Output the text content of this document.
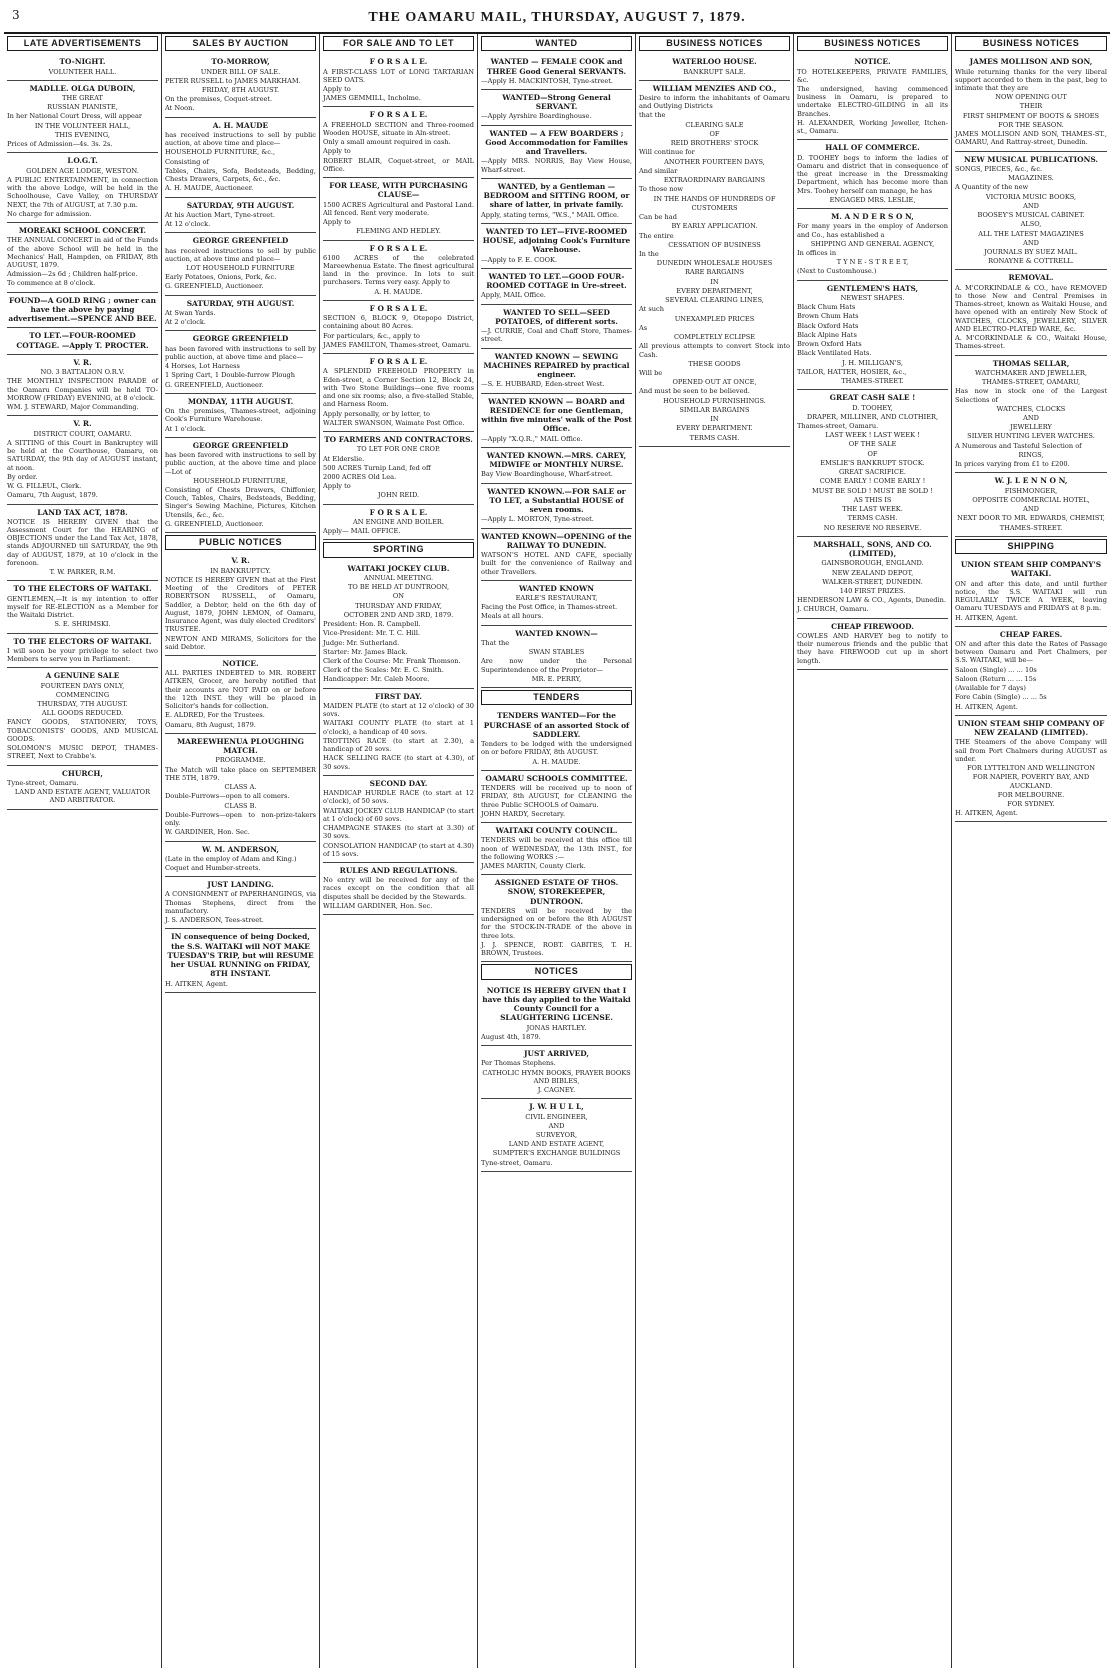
3	THE OAMARU MAIL, THURSDAY, AUGUST 7, 1879.
LATE ADVERTISEMENTS
TO-NIGHT.

VOLUNTEER HALL.

MADLLE. OLGA DUBOIN,

THE GREAT

RUSSIAN PIANISTE,

In her National Court Dress, will appear

IN THE VOLUNTEER HALL,

THIS EVENING,

Prices of Admission—4s. 3s. 2s.

I.O.G.T.

GOLDEN AGE LODGE, WESTON.

A PUBLIC ENTERTAINMENT, in connection with the above Lodge, will be held in the Schoolhouse, Cave Valley, on THURSDAY NEXT, the 7th of AUGUST, at 7.30 p.m.

No charge for admission.

MOREAKI SCHOOL CONCERT.

THE ANNUAL CONCERT in aid of the Funds of the above School will be held in the Mechanics' Hall, Hampden, on FRIDAY, 8th AUGUST, 1879.

Admission—2s 6d ; Children half-price.

To commence at 8 o'clock.

FOUND—A GOLD RING ; owner can have the above by paying advertisement.—SPENCE AND BEE.
TO LET.—FOUR-ROOMED COTTAGE. —Apply T. PROCTER.
V. R.

NO. 3 BATTALION O.R.V.

THE MONTHLY INSPECTION PARADE of the Oamaru Companies will be held TO-MORROW (FRIDAY) EVENING, at 8 o'clock.

WM. J. STEWARD, Major Commanding.

V. R.

DISTRICT COURT, OAMARU.

A SITTING of this Court in Bankruptcy will be held at the Courthouse, Oamaru, on SATURDAY, the 9th day of AUGUST instant, at noon.

By order.

W. G. FILLEUL, Clerk.

Oamaru, 7th August, 1879.

LAND TAX ACT, 1878.

NOTICE IS HEREBY GIVEN that the Assessment Court for the HEARING of OBJECTIONS under the Land Tax Act, 1878, stands ADJOURNED till SATURDAY, the 9th day of AUGUST, 1879, at 10 o'clock in the forenoon.

T. W. PARKER, R.M.

TO THE ELECTORS OF WAITAKI.

GENTLEMEN,—It is my intention to offer myself for RE-ELECTION as a Member for the Waitaki District.

S. E. SHRIMSKI.

TO THE ELECTORS OF WAITAKI.

I will soon be your privilege to select two Members to serve you in Parliament.

A GENUINE SALE

FOURTEEN DAYS ONLY,

COMMENCING

THURSDAY, 7TH AUGUST.

ALL GOODS REDUCED.

FANCY GOODS, STATIONERY, TOYS, TOBACCONISTS' GOODS, AND MUSICAL GOODS.

SOLOMON'S MUSIC DEPOT, THAMES-STREET, Next to Crabbe's.

CHURCH,

Tyne-street, Oamaru.

LAND AND ESTATE AGENT, VALUATOR AND ARBITRATOR.

SALES BY AUCTION
TO-MORROW,

UNDER BILL OF SALE.

PETER RUSSELL to JAMES MARKHAM.

FRIDAY, 8TH AUGUST.

On the premises, Coquet-street.

At Noon.

A. H. MAUDE

has received instructions to sell by public auction, at above time and place—

HOUSEHOLD FURNITURE, &c.,

Consisting of

Tables, Chairs, Sofa, Bedsteads, Bedding, Chests Drawers, Carpets, &c., &c.

A. H. MAUDE, Auctioneer.

SATURDAY, 9TH AUGUST.

At his Auction Mart, Tyne-street.

At 12 o'clock.

GEORGE GREENFIELD

has received instructions to sell by public auction, at above time and place—

LOT HOUSEHOLD FURNITURE

Early Potatoes, Onions, Pork, &c.

G. GREENFIELD, Auctioneer.

SATURDAY, 9TH AUGUST.

At Swan Yards.

At 2 o'clock.

GEORGE GREENFIELD

has been favored with instructions to sell by public auction, at above time and place—

4 Horses, Lot Harness

1 Spring Cart, 1 Double-furrow Plough

G. GREENFIELD, Auctioneer.

MONDAY, 11TH AUGUST.

On the premises, Thames-street, adjoining Cook's Furniture Warehouse.

At 1 o'clock.

GEORGE GREENFIELD

has been favored with instructions to sell by public auction, at the above time and place—Lot of

HOUSEHOLD FURNITURE,

Consisting of Chests Drawers, Chiffonier, Couch, Tables, Chairs, Bedsteads, Bedding, Singer's Sewing Machine, Pictures, Kitchen Utensils, &c., &c.

G. GREENFIELD, Auctioneer.

PUBLIC NOTICES
V. R.

IN BANKRUPTCY.

NOTICE IS HEREBY GIVEN that at the First Meeting of the Creditors of PETER ROBERTSON RUSSELL, of Oamaru, Saddler, a Debtor, held on the 6th day of August, 1879, JOHN LEMON, of Oamaru, Insurance Agent, was duly elected Creditors' TRUSTEE.

NEWTON AND MIRAMS, Solicitors for the said Debtor.

NOTICE.

ALL PARTIES INDEBTED to MR. ROBERT AITKEN, Grocer, are hereby notified that their accounts are NOT PAID on or before the 12th INST. they will be placed in Solicitor's hands for collection.

E. ALDRED, For the Trustees.

Oamaru, 8th August, 1879.

MAREEWHENUA PLOUGHING MATCH.

PROGRAMME.

The Match will take place on SEPTEMBER THE 5TH, 1879.

CLASS A.

Double-Furrows—open to all comers.

CLASS B.

Double-Furrows—open to non-prize-takers only.

W. GARDINER, Hon. Sec.

W. M. ANDERSON,

(Late in the employ of Adam and King.)

Coquet and Humber-streets.

JUST LANDING.

A CONSIGNMENT of PAPERHANGINGS, via Thomas Stephens, direct from the manufactory.

J. S. ANDERSON, Tees-street.

IN consequence of being Docked, the S.S. WAITAKI will NOT MAKE TUESDAY'S TRIP, but will RESUME her USUAL RUNNING on FRIDAY, 8TH INSTANT.

H. AITKEN, Agent.

FOR SALE AND TO LET
F O R S A L E.

A FIRST-CLASS LOT of LONG TARTARIAN SEED OATS.

Apply to

JAMES GEMMILL, Incholme.

F O R S A L E.

A FREEHOLD SECTION and Three-roomed Wooden HOUSE, situate in Aln-street.

Only a small amount required in cash.

Apply to

ROBERT BLAIR, Coquet-street, or MAIL Office.

FOR LEASE, WITH PURCHASING CLAUSE—

1500 ACRES Agricultural and Pastoral Land. All fenced. Rent very moderate.

Apply to

FLEMING AND HEDLEY.

F O R S A L E.

6100 ACRES of the celebrated Mareewhenua Estate. The finest agricultural land in the province. In lots to suit purchasers. Terms very easy. Apply to

A. H. MAUDE.

F O R S A L E.

SECTION 6, BLOCK 9, Otepopo District, containing about 80 Acres.

For particulars, &c., apply to

JAMES FAMILTON, Thames-street, Oamaru.

F O R S A L E.

A SPLENDID FREEHOLD PROPERTY in Eden-street, a Corner Section 12, Block 24, with Two Stone Buildings—one five rooms and one six rooms; also, a five-stalled Stable, and Harness Room.

Apply personally, or by letter, to

WALTER SWANSON, Waimate Post Office.

TO FARMERS AND CONTRACTORS.

TO LET FOR ONE CROP.

At Elderslie.

500 ACRES Turnip Land, fed off

2000 ACRES Old Lea.

Apply to

JOHN REID.

F O R S A L E.

AN ENGINE AND BOILER.

Apply— MAIL OFFICE.

SPORTING
WAITAKI JOCKEY CLUB.

ANNUAL MEETING.

TO BE HELD AT DUNTROON,

ON

THURSDAY AND FRIDAY,

OCTOBER 2ND AND 3RD, 1879.

President: Hon. R. Campbell.

Vice-President: Mr. T. C. Hill.

Judge: Mr. Sutherland.

Starter: Mr. James Black.

Clerk of the Course: Mr. Frank Thomson.

Clerk of the Scales: Mr. E. C. Smith.

Handicapper: Mr. Caleb Moore.

FIRST DAY.

MAIDEN PLATE (to start at 12 o'clock) of 30 sovs.

WAITAKI COUNTY PLATE (to start at 1 o'clock), a handicap of 40 sovs.

TROTTING RACE (to start at 2.30), a handicap of 20 sovs.

HACK SELLING RACE (to start at 4.30), of 30 sovs.

SECOND DAY.

HANDICAP HURDLE RACE (to start at 12 o'clock), of 50 sovs.

WAITAKI JOCKEY CLUB HANDICAP (to start at 1 o'clock) of 60 sovs.

CHAMPAGNE STAKES (to start at 3.30) of 30 sovs.

CONSOLATION HANDICAP (to start at 4.30) of 15 sovs.

RULES AND REGULATIONS.

No entry will be received for any of the races except on the condition that all disputes shall be decided by the Stewards.

WILLIAM GARDINER, Hon. Sec.

WANTED
WANTED — FEMALE COOK and THREE Good General SERVANTS.

—Apply H. MACKINTOSH, Tyne-street.

WANTED—Strong General SERVANT.

—Apply Ayrshire Boardinghouse.

WANTED — A FEW BOARDERS ; Good Accommodation for Families and Travellers.

—Apply MRS. NORRIS, Bay View House, Wharf-street.

WANTED, by a Gentleman — BEDROOM and SITTING ROOM, or share of latter, in private family.

Apply, stating terms, "W.S.," MAIL Office.

WANTED TO LET—FIVE-ROOMED HOUSE, adjoining Cook's Furniture Warehouse.

—Apply to F. E. COOK.

WANTED TO LET.—GOOD FOUR-ROOMED COTTAGE in Ure-street.

Apply, MAIL Office.

WANTED TO SELL—SEED POTATOES, of different sorts.

—J. CURRIE, Coal and Chaff Store, Thames-street.

WANTED KNOWN — SEWING MACHINES REPAIRED by practical engineer.

—S. E. HUBBARD, Eden-street West.

WANTED KNOWN — BOARD and RESIDENCE for one Gentleman, within five minutes' walk of the Post Office.

—Apply "X.Q.R.," MAIL Office.

WANTED KNOWN.—MRS. CAREY, MIDWIFE or MONTHLY NURSE.

Bay View Boardinghouse, Wharf-street.

WANTED KNOWN.—FOR SALE or TO LET, a Substantial HOUSE of seven rooms.

—Apply L. MORTON, Tyne-street.

WANTED KNOWN—OPENING of the RAILWAY TO DUNEDIN.

WATSON'S HOTEL AND CAFE, specially built for the convenience of Railway and other Travellers.

WANTED KNOWN

EARLE'S RESTAURANT,

Facing the Post Office, in Thames-street.

Meals at all hours.

WANTED KNOWN—

That the

SWAN STABLES

Are now under the Personal Superintendence of the Proprietor—

MR. E. PERRY,

TENDERS
TENDERS WANTED—For the PURCHASE of an assorted Stock of SADDLERY.

Tenders to be lodged with the undersigned on or before FRIDAY, 8th AUGUST.

A. H. MAUDE.

OAMARU SCHOOLS COMMITTEE.

TENDERS will be received up to noon of FRIDAY, 8th AUGUST, for CLEANING the three Public SCHOOLS of Oamaru.

JOHN HARDY, Secretary.

WAITAKI COUNTY COUNCIL.

TENDERS will be received at this office till noon of WEDNESDAY, the 13th INST., for the following WORKS :—

JAMES MARTIN, County Clerk.

ASSIGNED ESTATE OF THOS. SNOW, STOREKEEPER, DUNTROON.

TENDERS will be received by the undersigned on or before the 8th AUGUST for the STOCK-IN-TRADE of the above in three lots.

J. J. SPENCE, ROBT. GABITES, T. H. BROWN, Trustees.

NOTICES
NOTICE IS HEREBY GIVEN that I have this day applied to the Waitaki County Council for a SLAUGHTERING LICENSE.

JONAS HARTLEY.

August 4th, 1879.

JUST ARRIVED,

Per Thomas Stephens.

CATHOLIC HYMN BOOKS, PRAYER BOOKS AND BIBLES,

J. CAGNEY.

J. W. H U L L,

CIVIL ENGINEER,

AND

SURVEYOR,

LAND AND ESTATE AGENT,

SUMPTER'S EXCHANGE BUILDINGS

Tyne-street, Oamaru.

BUSINESS NOTICES
WATERLOO HOUSE.

BANKRUPT SALE.

WILLIAM MENZIES AND CO.,

Desire to inform the inhabitants of Oamaru and Outlying Districts

that the

CLEARING SALE

OF

REID BROTHERS' STOCK

Will continue for

ANOTHER FOURTEEN DAYS,

And similar

EXTRAORDINARY BARGAINS

To those now

IN THE HANDS OF HUNDREDS OF

CUSTOMERS

Can be had

BY EARLY APPLICATION.

The entire

CESSATION OF BUSINESS

In the

DUNEDIN WHOLESALE HOUSES

RARE BARGAINS

IN

EVERY DEPARTMENT,

SEVERAL CLEARING LINES,

At such

UNEXAMPLED PRICES

As

COMPLETELY ECLIPSE

All previous attempts to convert Stock into Cash.

THESE GOODS

Will be

OPENED OUT AT ONCE,

And must be seen to be believed.

HOUSEHOLD FURNISHINGS.

SIMILAR BARGAINS

IN

EVERY DEPARTMENT.

TERMS CASH.

BUSINESS NOTICES
NOTICE.

TO HOTELKEEPERS, PRIVATE FAMILIES, &c.

The undersigned, having commenced business in Oamaru, is prepared to undertake ELECTRO-GILDING in all its Branches.

H. ALEXANDER, Working Jeweller, Itchen-st., Oamaru.

HALL OF COMMERCE.

D. TOOHEY begs to inform the ladies of Oamaru and district that in consequence of the great increase in the Dressmaking Department, which has become more than Mrs. Toohey herself can manage, he has

ENGAGED MRS. LESLIE,

M. A N D E R S O N,

For many years in the employ of Anderson and Co., has established a

SHIPPING AND GENERAL AGENCY,

In offices in

T Y N E - S T R E E T,

(Next to Customhouse.)

GENTLEMEN'S HATS,

NEWEST SHAPES.

Black Chum Hats

Brown Chum Hats

Black Oxford Hats

Black Alpine Hats

Brown Oxford Hats

Black Ventilated Hats.

J. H. MILLIGAN'S,

TAILOR, HATTER, HOSIER, &c.,

THAMES-STREET.

GREAT CASH SALE !

D. TOOHEY,

DRAPER, MILLINER, AND CLOTHIER,

Thames-street, Oamaru.

LAST WEEK ! LAST WEEK !

OF THE SALE

OF

EMSLIE'S BANKRUPT STOCK.

GREAT SACRIFICE.

COME EARLY ! COME EARLY !

MUST BE SOLD ! MUST BE SOLD !

AS THIS IS

THE LAST WEEK.

TERMS CASH.

NO RESERVE NO RESERVE.

MARSHALL, SONS, AND CO. (LIMITED),

GAINSBOROUGH, ENGLAND.

NEW ZEALAND DEPOT,

WALKER-STREET, DUNEDIN.

140 FIRST PRIZES.

HENDERSON LAW & CO., Agents, Dunedin.

J. CHURCH, Oamaru.

CHEAP FIREWOOD.

COWLES AND HARVEY beg to notify to their numerous friends and the public that they have FIREWOOD cut up in short length.

BUSINESS NOTICES
JAMES MOLLISON AND SON,

While returning thanks for the very liberal support accorded to them in the past, beg to intimate that they are

NOW OPENING OUT

THEIR

FIRST SHIPMENT OF BOOTS & SHOES

FOR THE SEASON.

JAMES MOLLISON AND SON, THAMES-ST., OAMARU, And Rattray-street, Dunedin.

NEW MUSICAL PUBLICATIONS.

SONGS, PIECES, &c., &c.

MAGAZINES.

A Quantity of the new

VICTORIA MUSIC BOOKS,

AND

BOOSEY'S MUSICAL CABINET.

ALSO,

ALL THE LATEST MAGAZINES

AND

JOURNALS BY SUEZ MAIL.

RONAYNE & COTTRELL.

REMOVAL.

A. M'CORKINDALE & CO., have REMOVED to those New and Central Premises in Thames-street, known as Waitaki House, and have opened with an entirely New Stock of WATCHES, CLOCKS, JEWELLERY, SILVER AND ELECTRO-PLATED WARE, &c.

A. M'CORKINDALE & CO., Waitaki House, Thames-street.

THOMAS SELLAR,

WATCHMAKER AND JEWELLER,

THAMES-STREET, OAMARU,

Has now in stock one of the Largest Selections of

WATCHES, CLOCKS

AND

JEWELLERY

SILVER HUNTING LEVER WATCHES.

A Numerous and Tasteful Selection of

RINGS,

In prices varying from £1 to £200.

W. J. L E N N O N,

FISHMONGER,

OPPOSITE COMMERCIAL HOTEL,

AND

NEXT DOOR TO MR. EDWARDS, CHEMIST,

THAMES-STREET.

SHIPPING
UNION STEAM SHIP COMPANY'S WAITAKI.

ON and after this date, and until further notice, the S.S. WAITAKI will run REGULARLY TWICE A WEEK, leaving Oamaru TUESDAYS and FRIDAYS at 8 p.m.

H. AITKEN, Agent.

CHEAP FARES.

ON and after this date the Rates of Passage between Oamaru and Port Chalmers, per S.S. WAITAKI, will be—

Saloon (Single) ... ... 10s

Saloon (Return ... ... 15s

(Available for 7 days)

Fore Cabin (Single) ... ... 5s

H. AITKEN, Agent.

UNION STEAM SHIP COMPANY OF NEW ZEALAND (LIMITED).

THE Steamers of the above Company will sail from Port Chalmers during AUGUST as under.

FOR LYTTELTON AND WELLINGTON

FOR NAPIER, POVERTY BAY, AND AUCKLAND.

FOR MELBOURNE.

FOR SYDNEY.

H. AITKEN, Agent.
